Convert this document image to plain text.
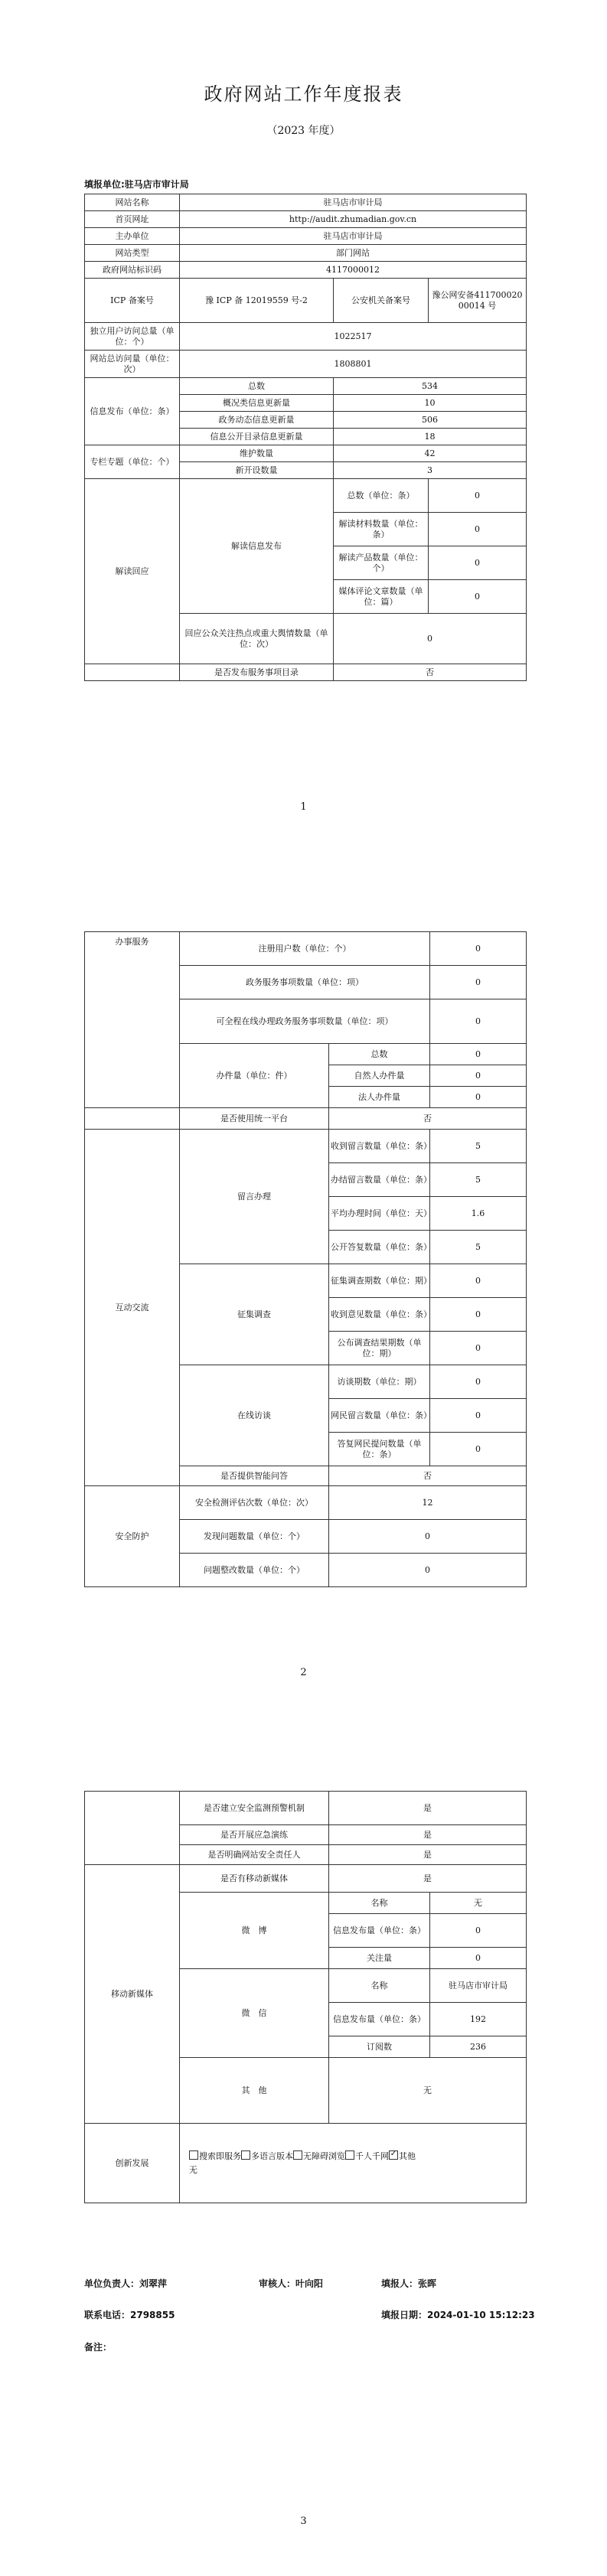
政府网站工作年度报表
（2023 年度）
填报单位:驻马店市审计局
网站名称	驻马店市审计局		
首页网址	http://audit.zhumadian.gov.cn		
主办单位	驻马店市审计局		
网站类型	部门网站		
政府网站标识码	4117000012		
ICP 备案号	豫 ICP 备 12019559 号-2	公安机关备案号	豫公网安备41170002000014 号
独立用户访问总量（单位：个）	1022517		
网站总访问量（单位：次）	1808801		
信息发布（单位：条）	总数	534	
	概况类信息更新量	10	
	政务动态信息更新量	506	
	信息公开目录信息更新量	18	
专栏专题（单位：个）	维护数量	42	
	新开设数量	3	
解读回应	解读信息发布	总数（单位：条）	0
		解读材料数量（单位：条）	0
		解读产品数量（单位：个）	0
		媒体评论文章数量（单位：篇）	0
	回应公众关注热点或重大舆情数量（单位：次）	0	
	是否发布服务事项目录	否	
1
办事服务	注册用户数（单位：个）		0
	政务服务事项数量（单位：项）		0
	可全程在线办理政务服务事项数量（单位：项）		0
	办件量（单位：件）	总数	0
		自然人办件量	0
		法人办件量	0
	是否使用统一平台	否	
互动交流	留言办理	收到留言数量（单位：条）	5
		办结留言数量（单位：条）	5
		平均办理时间（单位：天）	1.6
		公开答复数量（单位：条）	5
	征集调查	征集调查期数（单位：期）	0
		收到意见数量（单位：条）	0
		公布调查结果期数（单位：期）	0
	在线访谈	访谈期数（单位：期）	0
		网民留言数量（单位：条）	0
		答复网民提问数量（单位：条）	0
	是否提供智能问答	否	
安全防护	安全检测评估次数（单位：次）	12	
	发现问题数量（单位：个）	0	
	问题整改数量（单位：个）	0	
2
	是否建立安全监测预警机制	是	
	是否开展应急演练	是	
	是否明确网站安全责任人	是	
移动新媒体	是否有移动新媒体	是	
	微　博	名称	无
		信息发布量（单位：条）	0
		关注量	0
	微　信	名称	驻马店市审计局
		信息发布量（单位：条）	192
		订阅数	236
	其　他	无	
创新发展	搜索即服务 多语言版本 无障碍浏览 千人千网 ✓ 其他
无
单位负责人：刘翠萍	审核人：叶向阳	填报人：张晖
联系电话：2798855	填报日期：2024-01-10 15:12:23
备注：
3
